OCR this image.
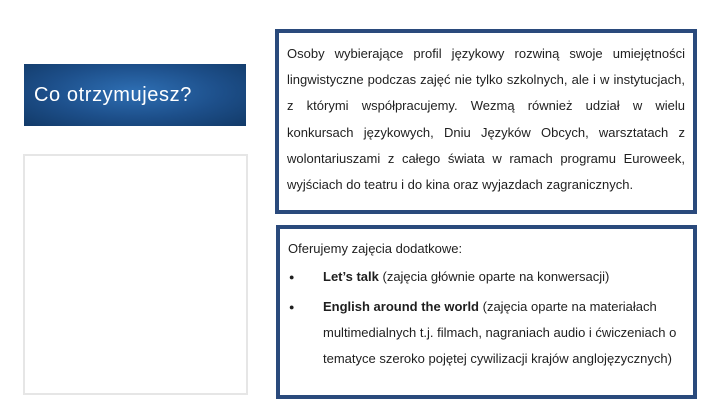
Co otrzymujesz?

Osoby wybierające profil językowy rozwiną swoje umiejętności lingwistyczne podczas zajęć nie tylko szkolnych, ale i w instytucjach, z którymi współpracujemy. Wezmą również udział w wielu konkursach językowych, Dniu Języków Obcych, warsztatach z wolontariuszami z całego świata w ramach programu Euroweek, wyjściach do teatru i do kina oraz wyjazdach zagranicznych.

Oferujemy zajęcia dodatkowe:
● Let’s talk (zajęcia głównie oparte na konwersacji)
● English around the world (zajęcia oparte na materiałach multimedialnych t.j. filmach, nagraniach audio i ćwiczeniach o tematyce szeroko pojętej cywilizacji krajów anglojęzycznych)
